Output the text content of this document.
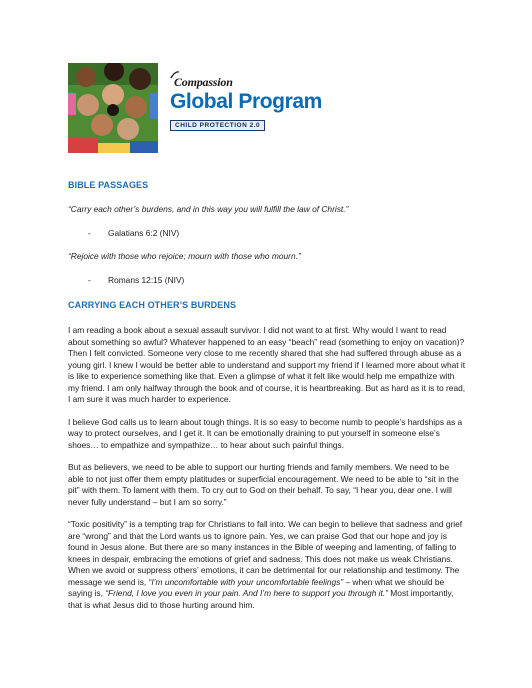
Compassion
Global Program
CHILD PROTECTION 2.0
BIBLE PASSAGES

“Carry each other’s burdens, and in this way you will fulfill the law of Christ.”

- Galatians 6:2 (NIV)

“Rejoice with those who rejoice; mourn with those who mourn.”

- Romans 12:15 (NIV)

CARRYING EACH OTHER’S BURDENS

I am reading a book about a sexual assault survivor. I did not want to at first. Why would I want to read about something so awful? Whatever happened to an easy “beach” read (something to enjoy on vacation)? Then I felt convicted. Someone very close to me recently shared that she had suffered through abuse as a young girl. I knew I would be better able to understand and support my friend if I learned more about what it is like to experience something like that. Even a glimpse of what it felt like would help me empathize with my friend. I am only halfway through the book and of course, it is heartbreaking. But as hard as it is to read, I am sure it was much harder to experience.

I believe God calls us to learn about tough things. It is so easy to become numb to people’s hardships as a way to protect ourselves, and I get it. It can be emotionally draining to put yourself in someone else’s shoes… to empathize and sympathize… to hear about such painful things.

But as believers, we need to be able to support our hurting friends and family members. We need to be able to not just offer them empty platitudes or superficial encouragement. We need to be able to “sit in the pit” with them. To lament with them. To cry out to God on their behalf. To say, “I hear you, dear one. I will never fully understand – but I am so sorry.”

“Toxic positivity” is a tempting trap for Christians to fall into. We can begin to believe that sadness and grief are “wrong” and that the Lord wants us to ignore pain. Yes, we can praise God that our hope and joy is found in Jesus alone. But there are so many instances in the Bible of weeping and lamenting, of falling to knees in despair, embracing the emotions of grief and sadness. This does not make us weak Christians. When we avoid or suppress others’ emotions, it can be detrimental for our relationship and testimony. The message we send is, “I’m uncomfortable with your uncomfortable feelings” – when what we should be saying is, “Friend, I love you even in your pain. And I’m here to support you through it.” Most importantly, that is what Jesus did to those hurting around him.
